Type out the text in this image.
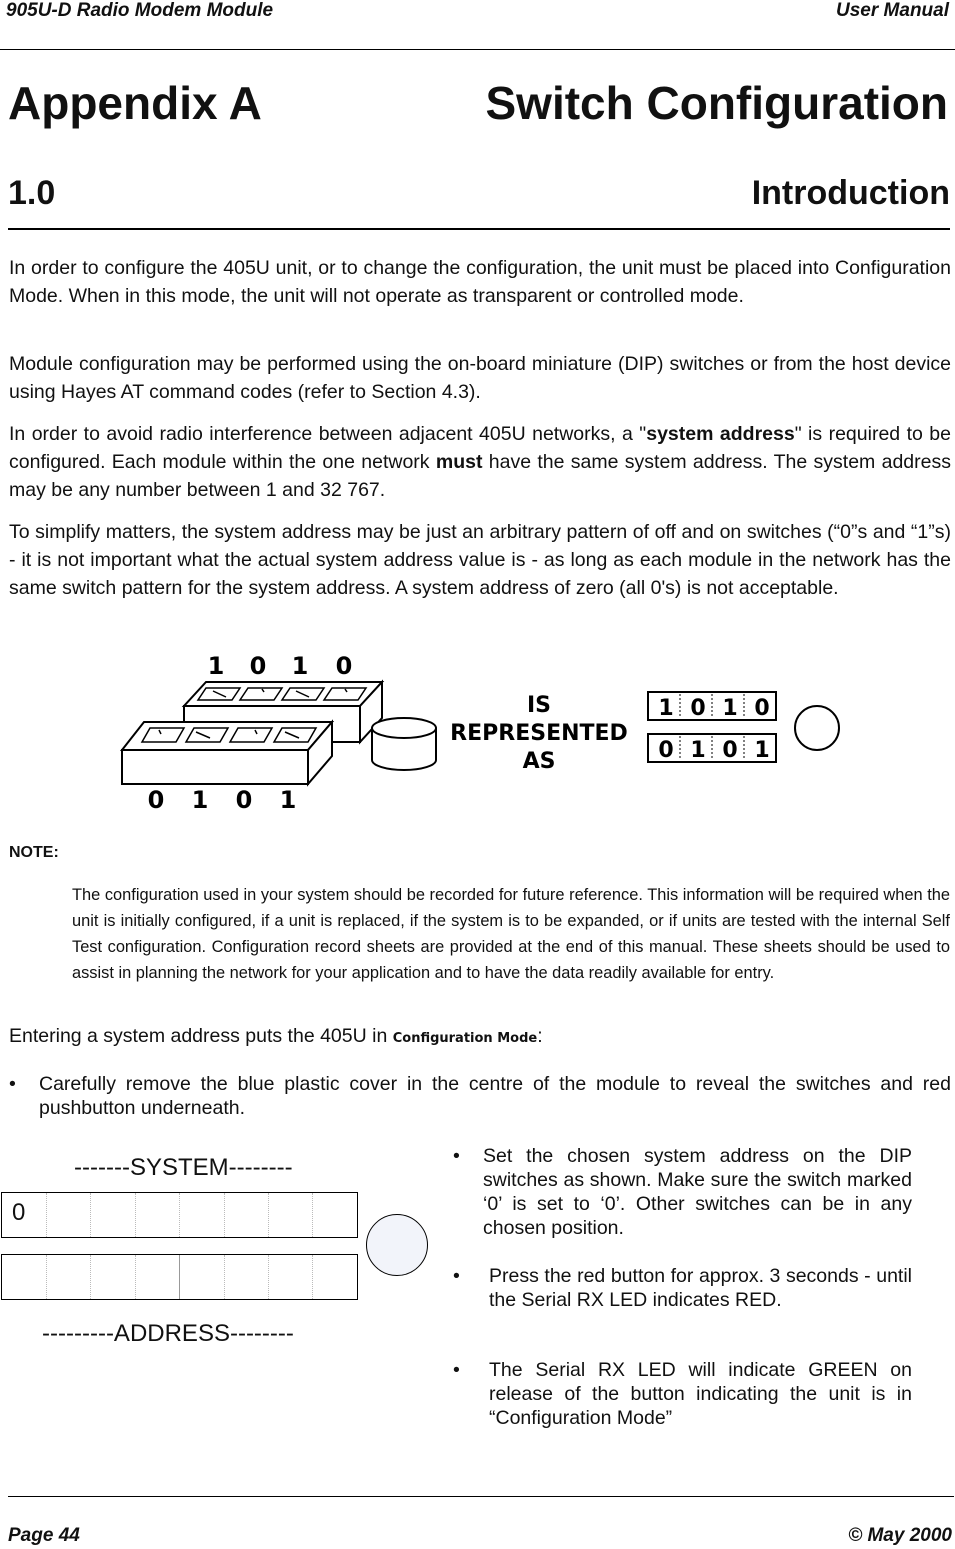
905U-D Radio Modem Module	User Manual
Appendix A	Switch Configuration
1.0	Introduction

In order to configure the 405U unit, or to change the configuration, the unit must be placed into Configuration Mode. When in this mode, the unit will not operate as transparent or controlled mode.

Module configuration may be performed using the on-board miniature (DIP) switches or from the host device using Hayes AT command codes (refer to Section 4.3).

In order to avoid radio interference between adjacent 405U networks, a "system address" is required to be configured. Each module within the one network must have the same system address. The system address may be any number between 1 and 32 767.

To simplify matters, the system address may be just an arbitrary pattern of off and on switches (“0”s and “1”s) - it is not important what the actual system address value is - as long as each module in the network has the same switch pattern for the system address. A system address of zero (all 0's) is not acceptable.

1 0 1 0
0 1 0 1
IS
REPRESENTED
AS
1 0 1 0
0 1 0 1
NOTE:

The configuration used in your system should be recorded for future reference. This information will be required when the unit is initially configured, if a unit is replaced, if the system is to be expanded, or if units are tested with the internal Self Test configuration. Configuration record sheets are provided at the end of this manual. These sheets should be used to assist in planning the network for your application and to have the data readily available for entry.

Entering a system address puts the 405U in Configuration Mode:

•	Carefully remove the blue plastic cover in the centre of the module to reveal the switches and red pushbutton underneath.
-------SYSTEM--------
0
---------ADDRESS--------
•	Set the chosen system address on the DIP switches as shown. Make sure the switch marked ‘0’ is set to ‘0’. Other switches can be in any chosen position.
•	Press the red button for approx. 3 seconds - until the Serial RX LED indicates RED.
•	The Serial RX LED will indicate GREEN on release of the button indicating the unit is in “Configuration Mode”
Page 44	© May 2000
